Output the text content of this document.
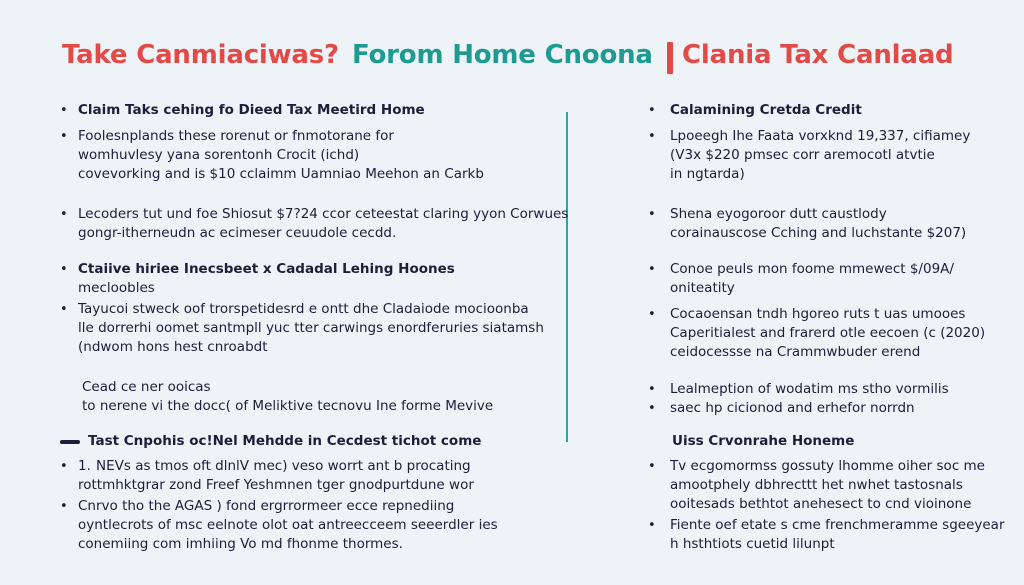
Take Canmiaciwas? Forom Home Cnoona Clania Tax Canlaad
• Claim Taks cehing fo Dieed Tax Meetird Home
• Foolesnplands these rorenut or fnmotorane for
womhuvlesy yana sorentonh Crocit (ichd)
covevorking and is $10 cclaimm Uamniao Meehon an Carkb
• Lecoders tut und foe Shiosut $7?24 ccor ceteestat claring yyon Corwues
gongr-itherneudn ac ecimeser ceuudole cecdd.
• Ctaiive hiriee Inecsbeet x Cadadal Lehing Hoones
mecloobles
• Tayucoi stweck oof trorspetidesrd e ontt dhe Cladaiode mocioonba
lle dorrerhi oomet santmpll yuc tter carwings enordferuries siatamsh
(ndwom hons hest cnroabdt
Cead ce ner ooicas
to nerene vi the docc( of Meliktive tecnovu Ine forme Mevive
Tast Cnpohis oc!Nel Mehdde in Cecdest tichot come
• 1. NEVs as tmos oft dlnlV mec) veso worrt ant b procating
rottmhktgrar zond Freef Yeshmnen tger gnodpurtdune wor
• Cnrvo tho the AGAS ) fond ergrrormeer ecce repnediing
oyntlecrots of msc eelnote olot oat antreecceem seeerdler ies
conemiing com imhiing Vo md fhonme thormes.
• Calamining Cretda Credit
• Lpoeegh Ihe Faata vorxknd 19,337, cifiamey
(V3x $220 pmsec corr aremocotl atvtie
in ngtarda)
• Shena eyogoroor dutt caustlody
corainauscose Cching and luchstante $207)
• Conoe peuls mon foome mmewect $/09A/
oniteatity
• Cocaoensan tndh hgoreo ruts t uas umooes
Caperitialest and frarerd otle eecoen (c (2020)
ceidocessse na Crammwbuder erend
•
•
Lealmeption of wodatim ms stho vormilis
saec hp cicionod and erhefor norrdn
Uiss Crvonrahe Honeme
• Tv ecgomormss gossuty lhomme oiher soc me
amootphely dbhrecttt het nwhet tastosnals
ooitesads bethtot anehesect to cnd vioinone
• Fiente oef etate s cme frenchmeramme sgeeyear
h hsthtiots cuetid lilunpt
